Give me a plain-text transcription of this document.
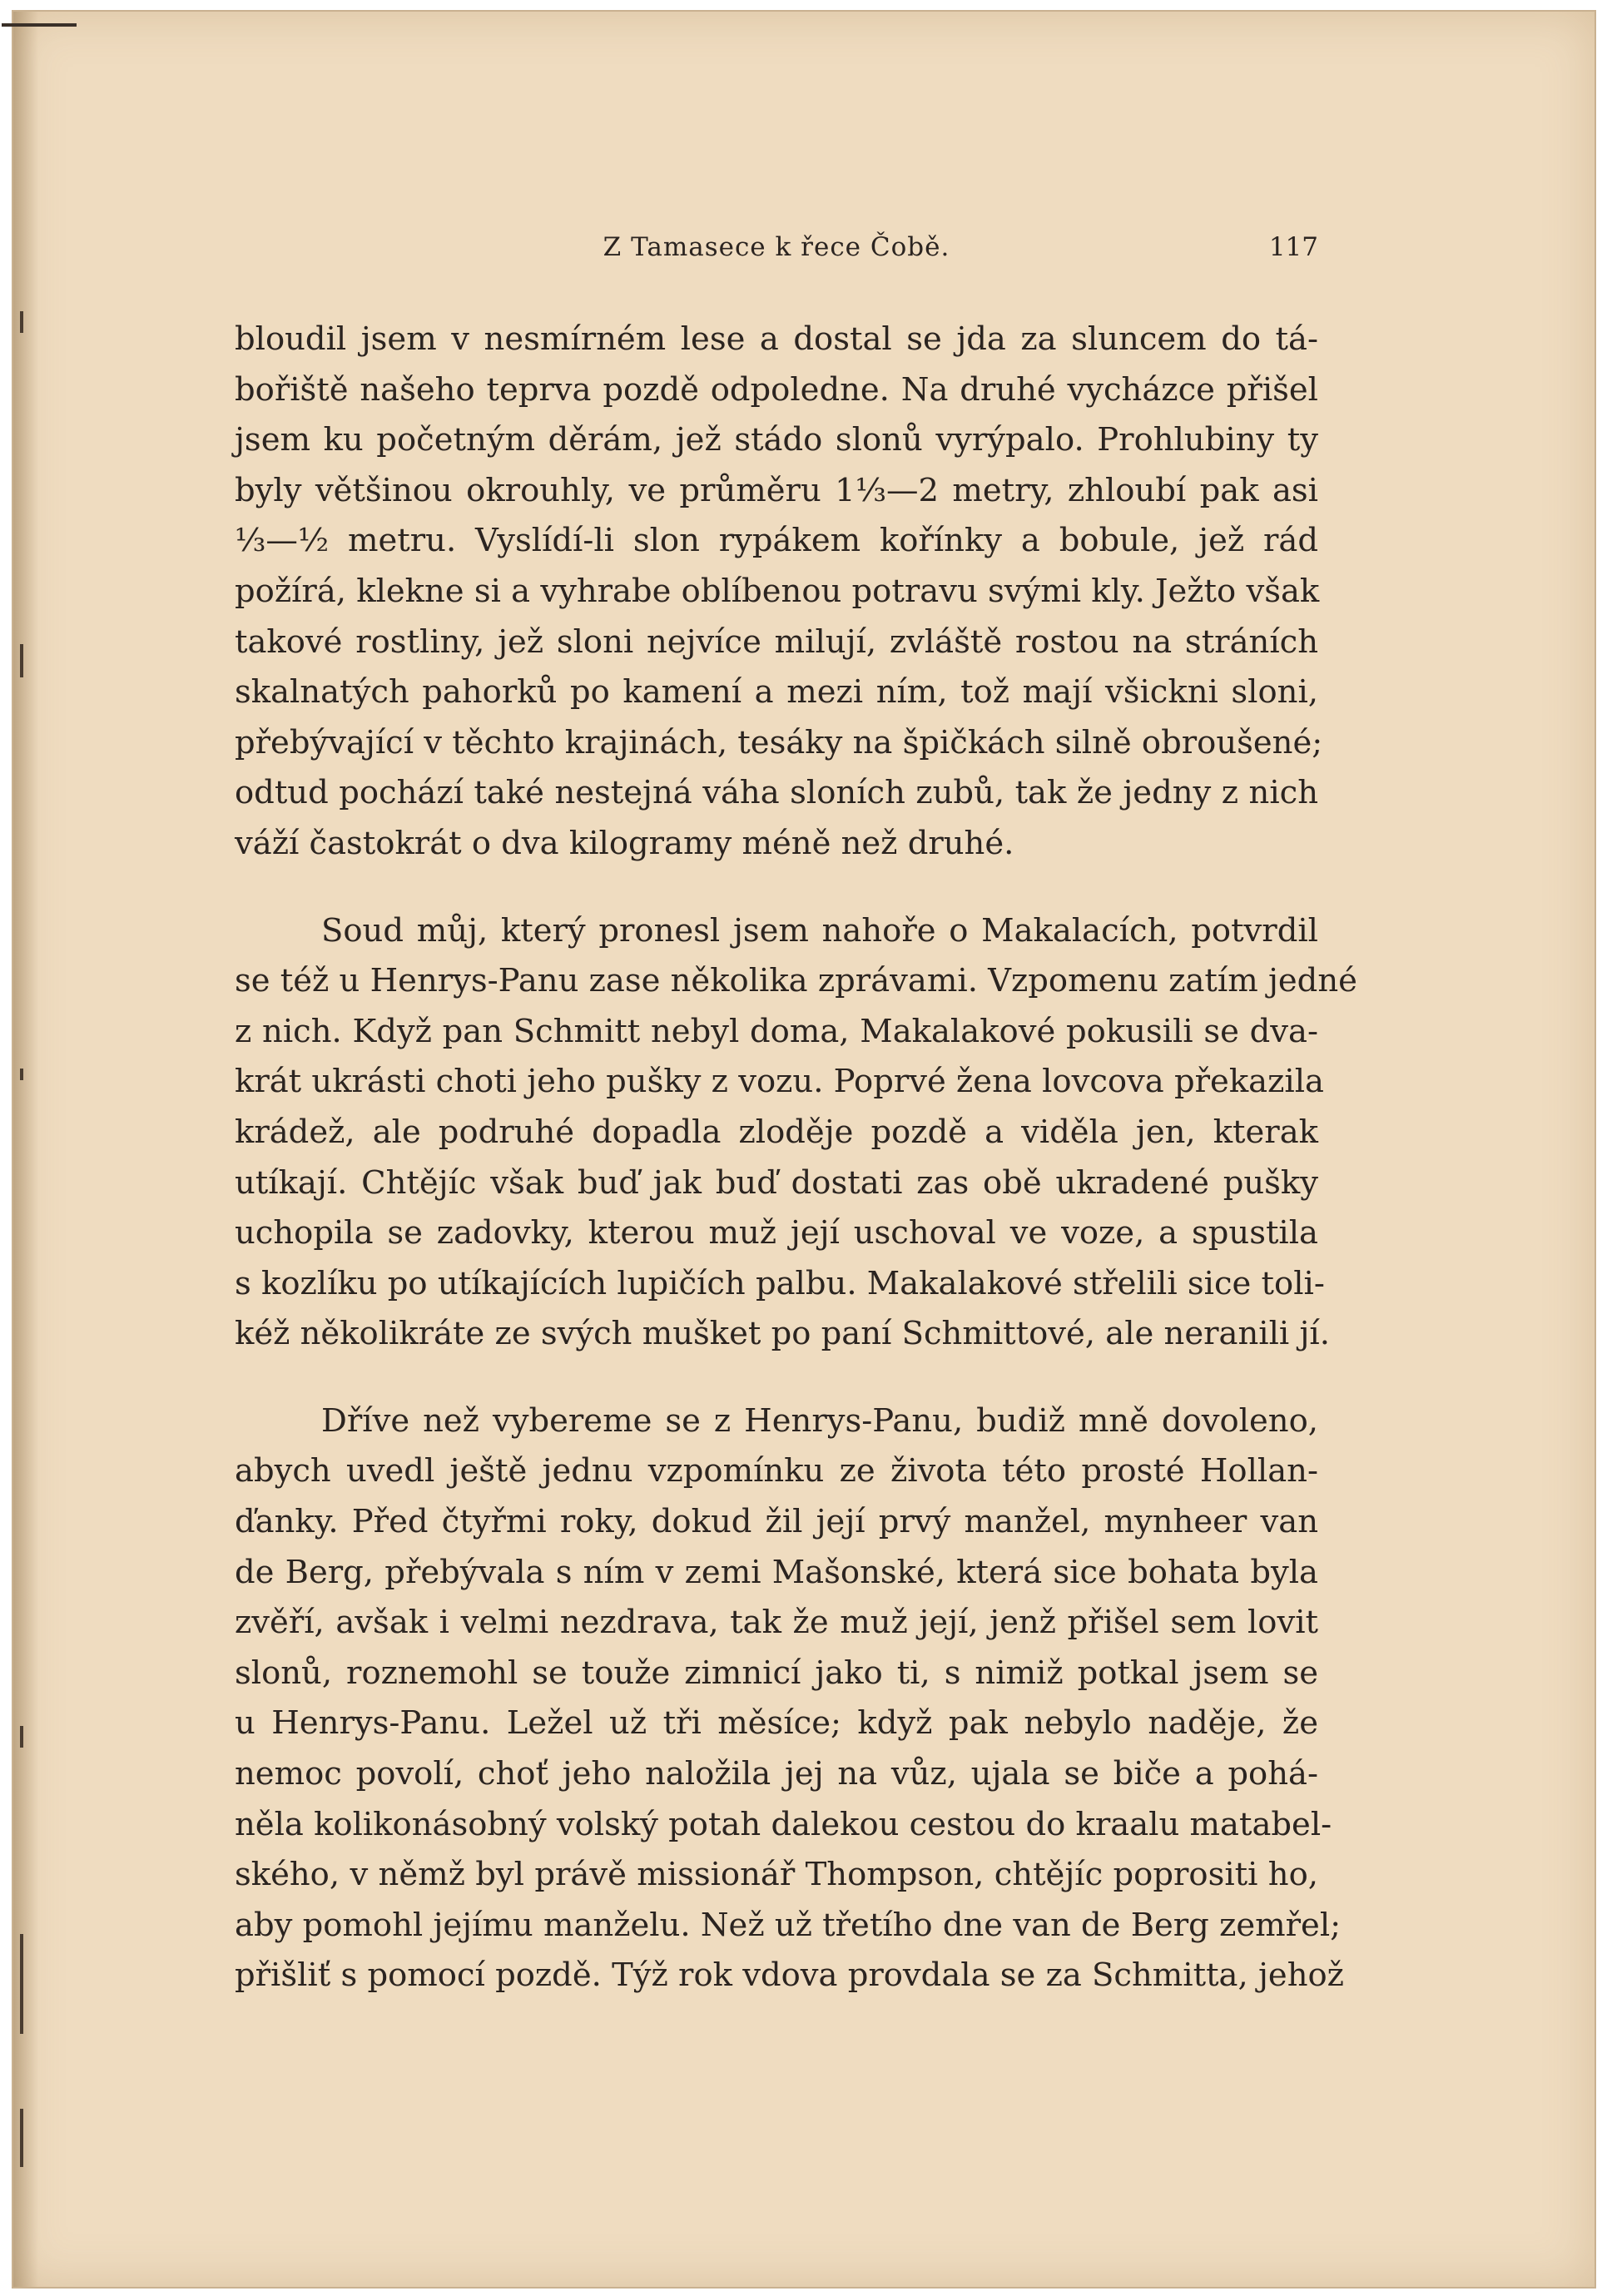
Z Tamasece k řece Čobě.	117
bloudil jsem v nesmírném lese a dostal se jda za sluncem do tá-
bořiště našeho teprva pozdě odpoledne. Na druhé vycházce přišel
jsem ku početným děrám, jež stádo slonů vyrýpalo. Prohlubiny ty
byly většinou okrouhly, ve průměru 1⅓—2 metry, zhloubí pak asi
⅓—½ metru. Vyslídí-li slon rypákem kořínky a bobule, jež rád
požírá, klekne si a vyhrabe oblíbenou potravu svými kly. Ježto však
takové rostliny, jež sloni nejvíce milují, zvláště rostou na stráních
skalnatých pahorků po kamení a mezi ním, tož mají všickni sloni,
přebývající v těchto krajinách, tesáky na špičkách silně obroušené;
odtud pochází také nestejná váha sloních zubů, tak že jedny z nich
váží častokrát o dva kilogramy méně než druhé.
Soud můj, který pronesl jsem nahoře o Makalacích, potvrdil
se též u Henrys-Panu zase několika zprávami. Vzpomenu zatím jedné
z nich. Když pan Schmitt nebyl doma, Makalakové pokusili se dva-
krát ukrásti choti jeho pušky z vozu. Poprvé žena lovcova překazila
krádež, ale podruhé dopadla zloděje pozdě a viděla jen, kterak
utíkají. Chtějíc však buď jak buď dostati zas obě ukradené pušky
uchopila se zadovky, kterou muž její uschoval ve voze, a spustila
s kozlíku po utíkajících lupičích palbu. Makalakové střelili sice toli-
kéž několikráte ze svých mušket po paní Schmittové, ale neranili jí.
Dříve než vybereme se z Henrys-Panu, budiž mně dovoleno,
abych uvedl ještě jednu vzpomínku ze života této prosté Hollan-
ďanky. Před čtyřmi roky, dokud žil její prvý manžel, mynheer van
de Berg, přebývala s ním v zemi Mašonské, která sice bohata byla
zvěří, avšak i velmi nezdrava, tak že muž její, jenž přišel sem lovit
slonů, roznemohl se touže zimnicí jako ti, s nimiž potkal jsem se
u Henrys-Panu. Ležel už tři měsíce; když pak nebylo naděje, že
nemoc povolí, choť jeho naložila jej na vůz, ujala se biče a pohá-
něla kolikonásobný volský potah dalekou cestou do kraalu matabel-
ského, v němž byl právě missionář Thompson, chtějíc poprositi ho,
aby pomohl jejímu manželu. Než už třetího dne van de Berg zemřel;
přišliť s pomocí pozdě. Týž rok vdova provdala se za Schmitta, jehož
